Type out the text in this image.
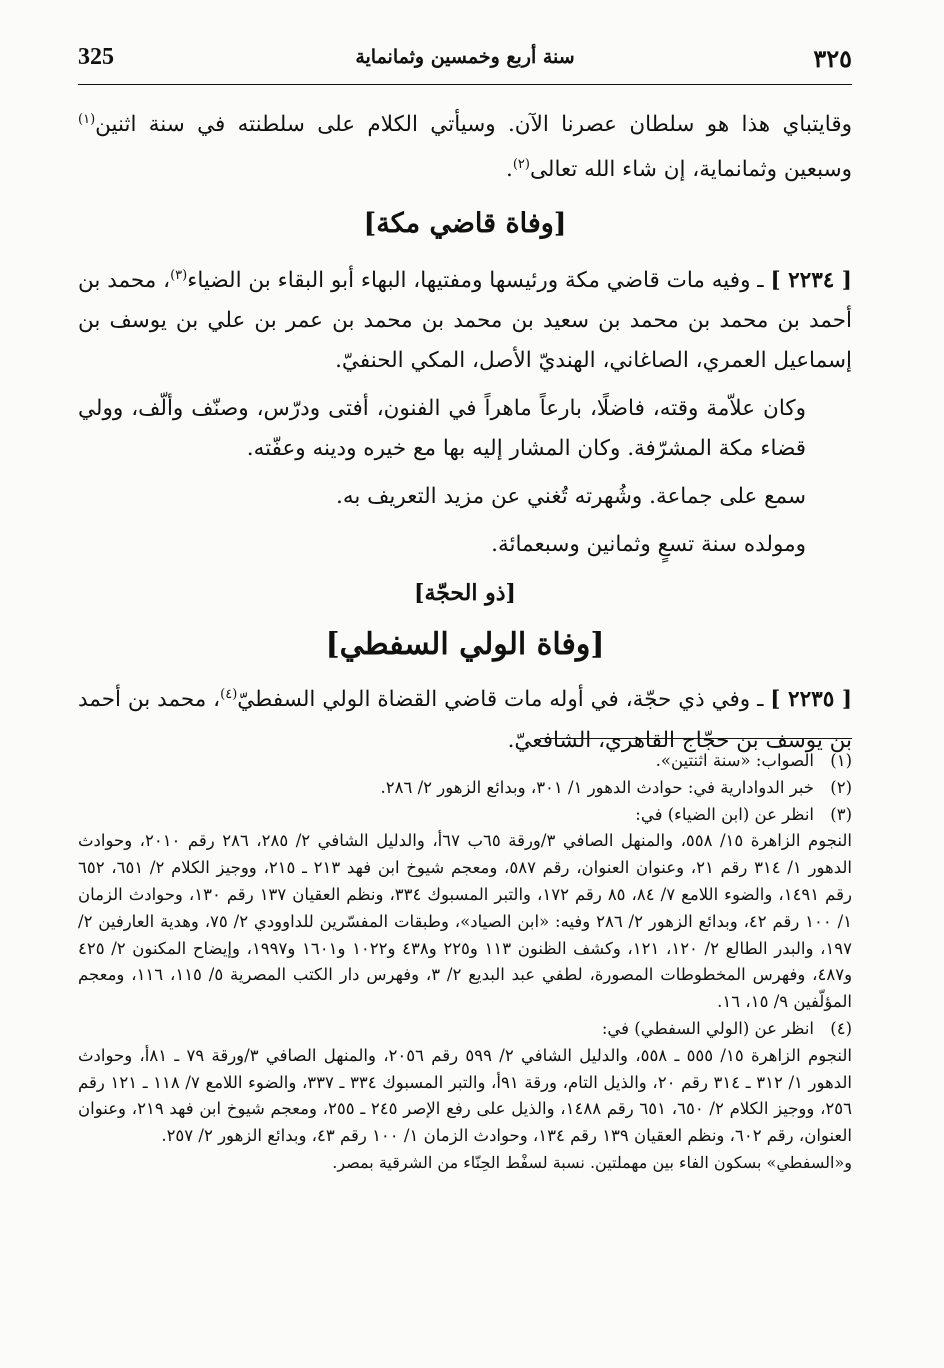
325	سنة أربع وخمسين وثمانماية	٣٢٥

وقايتباي هذا هو سلطان عصرنا الآن. وسيأتي الكلام على سلطنته في سنة اثنين$^{(١)}$ وسبعين وثمانماية، إن شاء الله تعالى$^{(٢)}$.

[وفاة قاضي مكة]

[ ٢٢٣٤ ] ـ وفيه مات قاضي مكة ورئيسها ومفتيها، البهاء أبو البقاء بن الضياء$^{(٣)}$، محمد بن أحمد بن محمد بن محمد بن سعيد بن محمد بن محمد بن عمر بن علي بن يوسف بن إسماعيل العمري، الصاغاني، الهنديّ الأصل، المكي الحنفيّ.

وكان علاّمة وقته، فاضلًا، بارعاً ماهراً في الفنون، أفتى ودرّس، وصنّف وألّف، وولي قضاء مكة المشرّفة. وكان المشار إليه بها مع خيره ودينه وعفّته.

سمع على جماعة. وشُهرته تُغني عن مزيد التعريف به.

ومولده سنة تسعٍ وثمانين وسبعمائة.

[ذو الحجّة]
[وفاة الولي السفطي]

[ ٢٢٣٥ ] ـ وفي ذي حجّة، في أوله مات قاضي القضاة الولي السفطيّ$^{(٤)}$، محمد بن أحمد بن يوسف بن حجّاج القاهري، الشافعيّ.

(١)الصواب: «سنة اثنتين».

(٢)خبر الدوادارية في: حوادث الدهور ١/ ٣٠١، وبدائع الزهور ٢/ ٢٨٦.

(٣)انظر عن (ابن الضياء) في:

النجوم الزاهرة ١٥/ ٥٥٨، والمنهل الصافي ٣/ورقة ٦٥ب ٦٧أ، والدليل الشافي ٢/ ٢٨٥، ٢٨٦ رقم ٢٠١٠، وحوادث الدهور ١/ ٣١٤ رقم ٢١، وعنوان العنوان، رقم ٥٨٧، ومعجم شيوخ ابن فهد ٢١٣ ـ ٢١٥، ووجيز الكلام ٢/ ٦٥١، ٦٥٢ رقم ١٤٩١، والضوء اللامع ٧/ ٨٤، ٨٥ رقم ١٧٢، والتبر المسبوك ٣٣٤، ونظم العقيان ١٣٧ رقم ١٣٠، وحوادث الزمان ١/ ١٠٠ رقم ٤٢، وبدائع الزهور ٢/ ٢٨٦ وفيه: «ابن الصياد»، وطبقات المفسّرين للداوودي ٢/ ٧٥، وهدية العارفين ٢/ ١٩٧، والبدر الطالع ٢/ ١٢٠، ١٢١، وكشف الظنون ١١٣ و٢٢٥ و٤٣٨ و١٠٢٢ و١٦٠١ و١٩٩٧، وإيضاح المكنون ٢/ ٤٢٥ و٤٨٧، وفهرس المخطوطات المصورة، لطفي عبد البديع ٢/ ٣، وفهرس دار الكتب المصرية ٥/ ١١٥، ١١٦، ومعجم المؤلّفين ٩/ ١٥، ١٦.

(٤)انظر عن (الولي السفطي) في:

النجوم الزاهرة ١٥/ ٥٥٥ ـ ٥٥٨، والدليل الشافي ٢/ ٥٩٩ رقم ٢٠٥٦، والمنهل الصافي ٣/ورقة ٧٩ ـ ٨١أ، وحوادث الدهور ١/ ٣١٢ ـ ٣١٤ رقم ٢٠، والذيل التام، ورقة ٩١أ، والتبر المسبوك ٣٣٤ ـ ٣٣٧، والضوء اللامع ٧/ ١١٨ ـ ١٢١ رقم ٢٥٦، ووجيز الكلام ٢/ ٦٥٠، ٦٥١ رقم ١٤٨٨، والذيل على رفع الإصر ٢٤٥ ـ ٢٥٥، ومعجم شيوخ ابن فهد ٢١٩، وعنوان العنوان، رقم ٦٠٢، ونظم العقيان ١٣٩ رقم ١٣٤، وحوادث الزمان ١/ ١٠٠ رقم ٤٣، وبدائع الزهور ٢/ ٢٥٧.

و«السفطي» بسكون الفاء بين مهملتين. نسبة لسفْط الحِنّاء من الشرقية بمصر.
